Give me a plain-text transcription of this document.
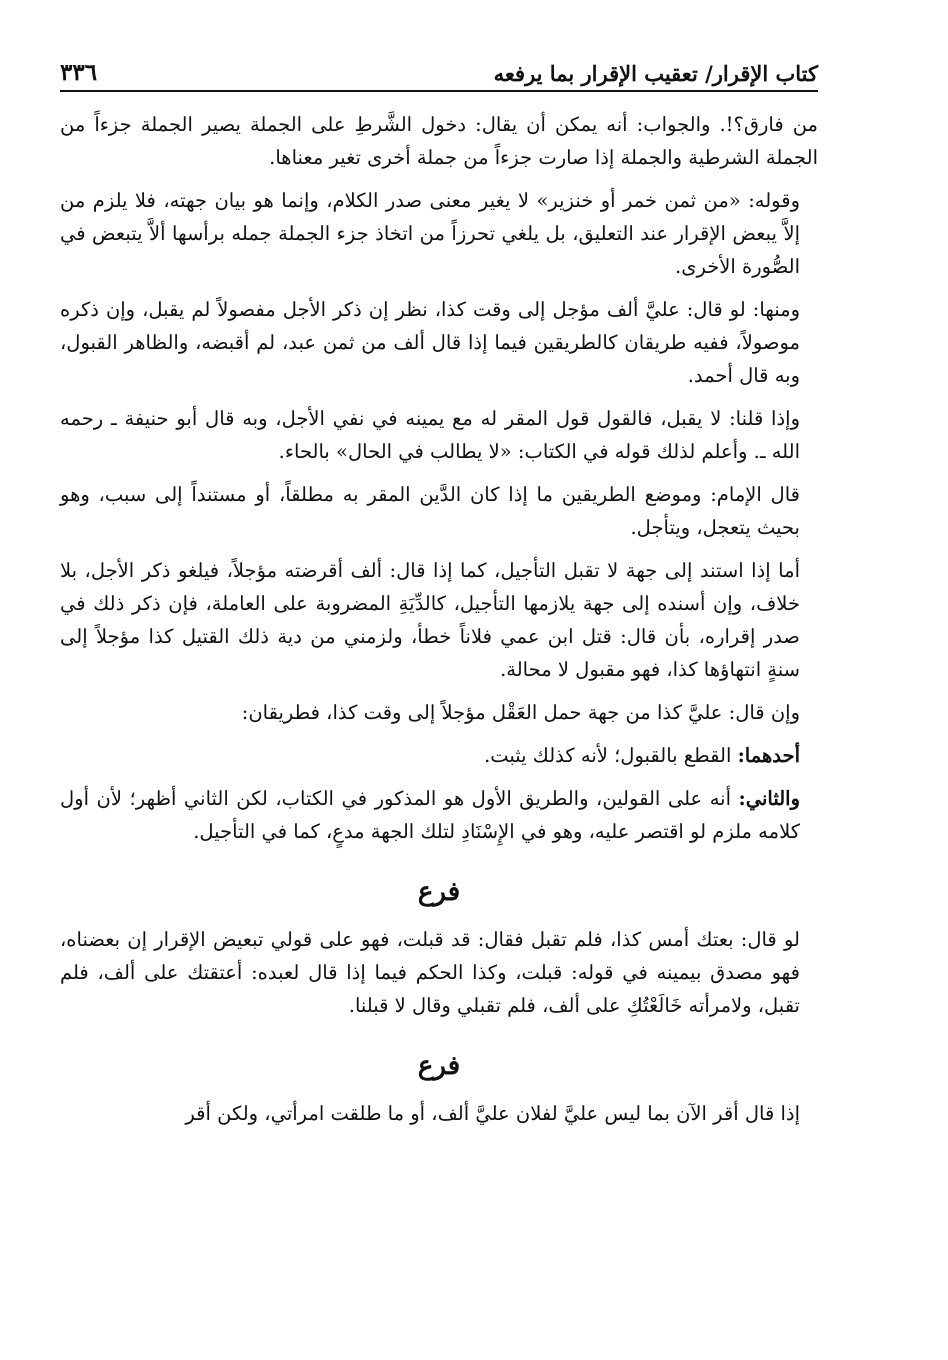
كتاب الإقرار/ تعقيب الإقرار بما يرفعه
٣٣٦

من فارق؟!. والجواب: أنه يمكن أن يقال: دخول الشَّرطِ على الجملة يصير الجملة جزءاً من الجملة الشرطية والجملة إذا صارت جزءاً من جملة أخرى تغير معناها.

وقوله: «من ثمن خمر أو خنزير» لا يغير معنى صدر الكلام، وإنما هو بيان جهته، فلا يلزم من إلاَّ يبعض الإقرار عند التعليق، بل يلغي تحرزاً من اتخاذ جزء الجملة جمله برأسها ألاَّ يتبعض في الصُّورة الأخرى.

ومنها: لو قال: عليَّ ألف مؤجل إلى وقت كذا، نظر إن ذكر الأجل مفصولاً لم يقبل، وإن ذكره موصولاً، ففيه طريقان كالطريقين فيما إذا قال ألف من ثمن عبد، لم أقبضه، والظاهر القبول، وبه قال أحمد.

وإذا قلنا: لا يقبل، فالقول قول المقر له مع يمينه في نفي الأجل، وبه قال أبو حنيفة ـ رحمه الله ـ. وأعلم لذلك قوله في الكتاب: «لا يطالب في الحال» بالحاء.

قال الإمام: وموضع الطريقين ما إذا كان الدَّين المقر به مطلقاً، أو مستنداً إلى سبب، وهو بحيث يتعجل، ويتأجل.

أما إذا استند إلى جهة لا تقبل التأجيل، كما إذا قال: ألف أقرضته مؤجلاً، فيلغو ذكر الأجل، بلا خلاف، وإن أسنده إلى جهة يلازمها التأجيل، كالدِّيَةِ المضروبة على العاملة، فإن ذكر ذلك في صدر إقراره، بأن قال: قتل ابن عمي فلاناً خطأ، ولزمني من دية ذلك القتيل كذا مؤجلاً إلى سنةٍ انتهاؤها كذا، فهو مقبول لا محالة.

وإن قال: عليَّ كذا من جهة حمل العَقْل مؤجلاً إلى وقت كذا، فطريقان:

أحدهما: القطع بالقبول؛ لأنه كذلك يثبت.

والثاني: أنه على القولين، والطريق الأول هو المذكور في الكتاب، لكن الثاني أظهر؛ لأن أول كلامه ملزم لو اقتصر عليه، وهو في الإِسْنَادِ لتلك الجهة مدعٍ، كما في التأجيل.

فرع

لو قال: بعتك أمس كذا، فلم تقبل فقال: قد قبلت، فهو على قولي تبعيض الإقرار إن بعضناه، فهو مصدق بيمينه في قوله: قبلت، وكذا الحكم فيما إذا قال لعبده: أعتقتك على ألف، فلم تقبل، ولامرأته خَالَعْتُكِ على ألف، فلم تقبلي وقال لا قبلنا.

فرع

إذا قال أقر الآن بما ليس عليَّ لفلان عليَّ ألف، أو ما طلقت امرأتي، ولكن أقر
